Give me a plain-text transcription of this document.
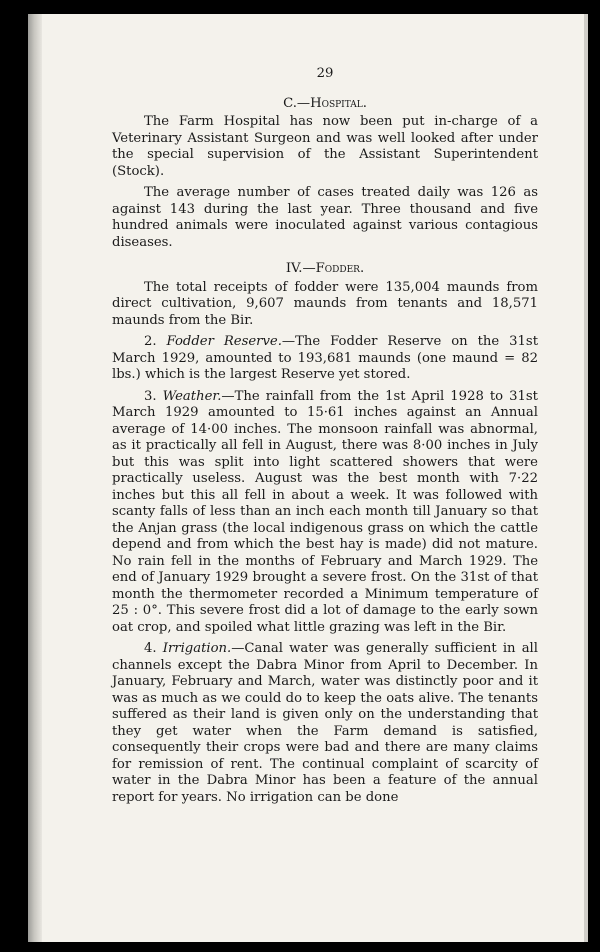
29
C.—Hospital.

The Farm Hospital has now been put in-charge of a Veterinary Assistant Surgeon and was well looked after under the special supervision of the Assistant Superintendent (Stock).

The average number of cases treated daily was 126 as against 143 during the last year. Three thousand and five hundred animals were inoculated against various contagious diseases.

IV.—Fodder.

The total receipts of fodder were 135,004 maunds from direct cultivation, 9,607 maunds from tenants and 18,571 maunds from the Bir.

2. Fodder Reserve.—The Fodder Reserve on the 31st March 1929, amounted to 193,681 maunds (one maund = 82 lbs.) which is the largest Reserve yet stored.

3. Weather.—The rainfall from the 1st April 1928 to 31st March 1929 amounted to 15·61 inches against an Annual average of 14·00 inches. The monsoon rainfall was abnormal, as it practically all fell in August, there was 8·00 inches in July but this was split into light scattered showers that were practically useless. August was the best month with 7·22 inches but this all fell in about a week. It was followed with scanty falls of less than an inch each month till January so that the Anjan grass (the local indigenous grass on which the cattle depend and from which the best hay is made) did not mature. No rain fell in the months of February and March 1929. The end of January 1929 brought a severe frost. On the 31st of that month the thermometer recorded a Minimum temperature of 25 : 0°. This severe frost did a lot of damage to the early sown oat crop, and spoiled what little grazing was left in the Bir.

4. Irrigation.—Canal water was generally sufficient in all channels except the Dabra Minor from April to December. In January, February and March, water was distinctly poor and it was as much as we could do to keep the oats alive. The tenants suffered as their land is given only on the understanding that they get water when the Farm demand is satisfied, consequently their crops were bad and there are many claims for remission of rent. The continual complaint of scarcity of water in the Dabra Minor has been a feature of the annual report for years. No irrigation can be done
